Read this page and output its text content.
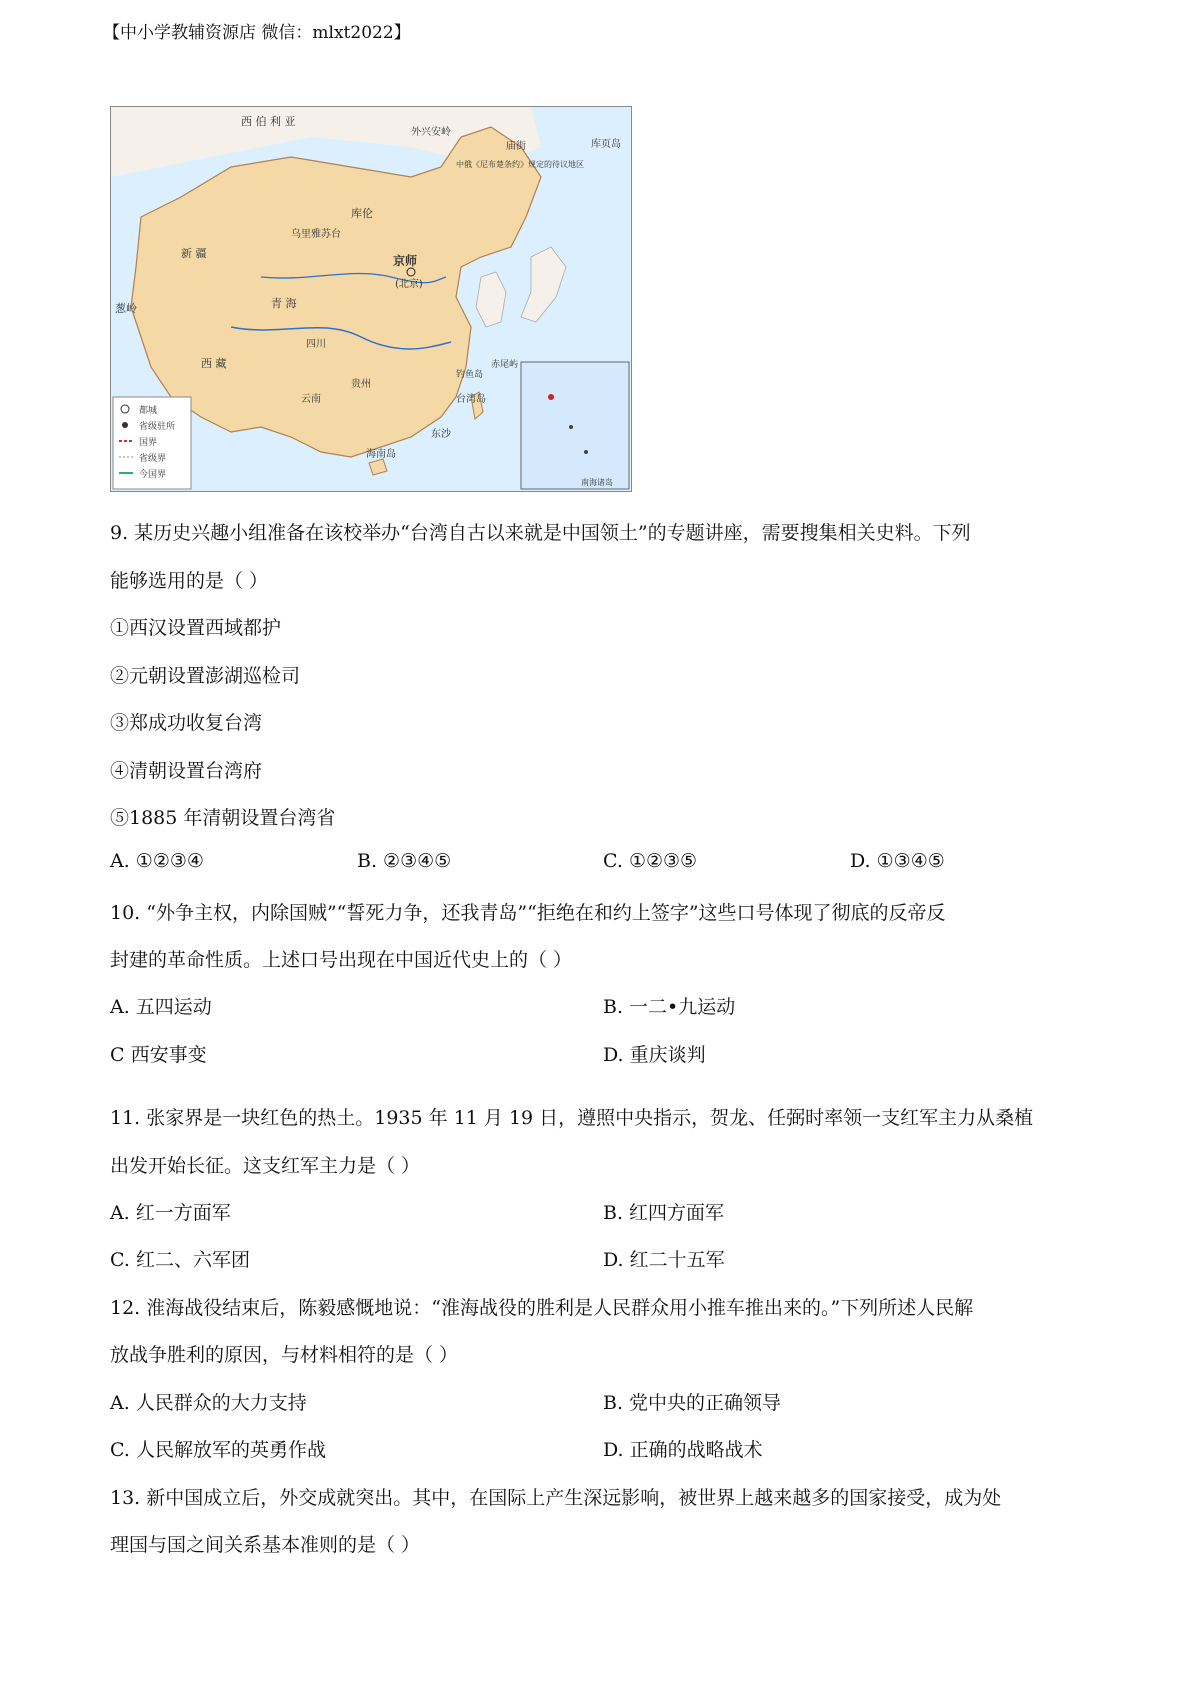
【中小学教辅资源店 微信：mlxt2022】
西 伯 利 亚
外兴安岭
庙街	库页岛
中俄《尼布楚条约》规定的待议地区
库伦
乌里雅苏台
京师
(北京)
葱岭
新 疆
青 海
西 藏
四川
云南
贵州
钓鱼岛
赤尾屿
台湾岛
东沙
海南岛
南海诸岛
都城
省级驻所
国界
省级界
今国界
9. 某历史兴趣小组准备在该校举办“台湾自古以来就是中国领土”的专题讲座，需要搜集相关史料。下列
能够选用的是（ ）
①西汉设置西域都护
②元朝设置澎湖巡检司
③郑成功收复台湾
④清朝设置台湾府
⑤1885 年清朝设置台湾省
A. ①②③④	B. ②③④⑤	C. ①②③⑤	D. ①③④⑤
10. “外争主权，内除国贼”“誓死力争，还我青岛”“拒绝在和约上签字”这些口号体现了彻底的反帝反
封建的革命性质。上述口号出现在中国近代史上的（ ）
A. 五四运动	B. 一二•九运动
C 西安事变	D. 重庆谈判
11. 张家界是一块红色的热土。1935 年 11 月 19 日，遵照中央指示，贺龙、任弼时率领一支红军主力从桑植
出发开始长征。这支红军主力是（ ）
A. 红一方面军	B. 红四方面军
C. 红二、六军团	D. 红二十五军
12. 淮海战役结束后，陈毅感慨地说：“淮海战役的胜利是人民群众用小推车推出来的。”下列所述人民解
放战争胜利的原因，与材料相符的是（ ）
A. 人民群众的大力支持	B. 党中央的正确领导
C. 人民解放军的英勇作战	D. 正确的战略战术
13. 新中国成立后，外交成就突出。其中，在国际上产生深远影响，被世界上越来越多的国家接受，成为处
理国与国之间关系基本准则的是（ ）
